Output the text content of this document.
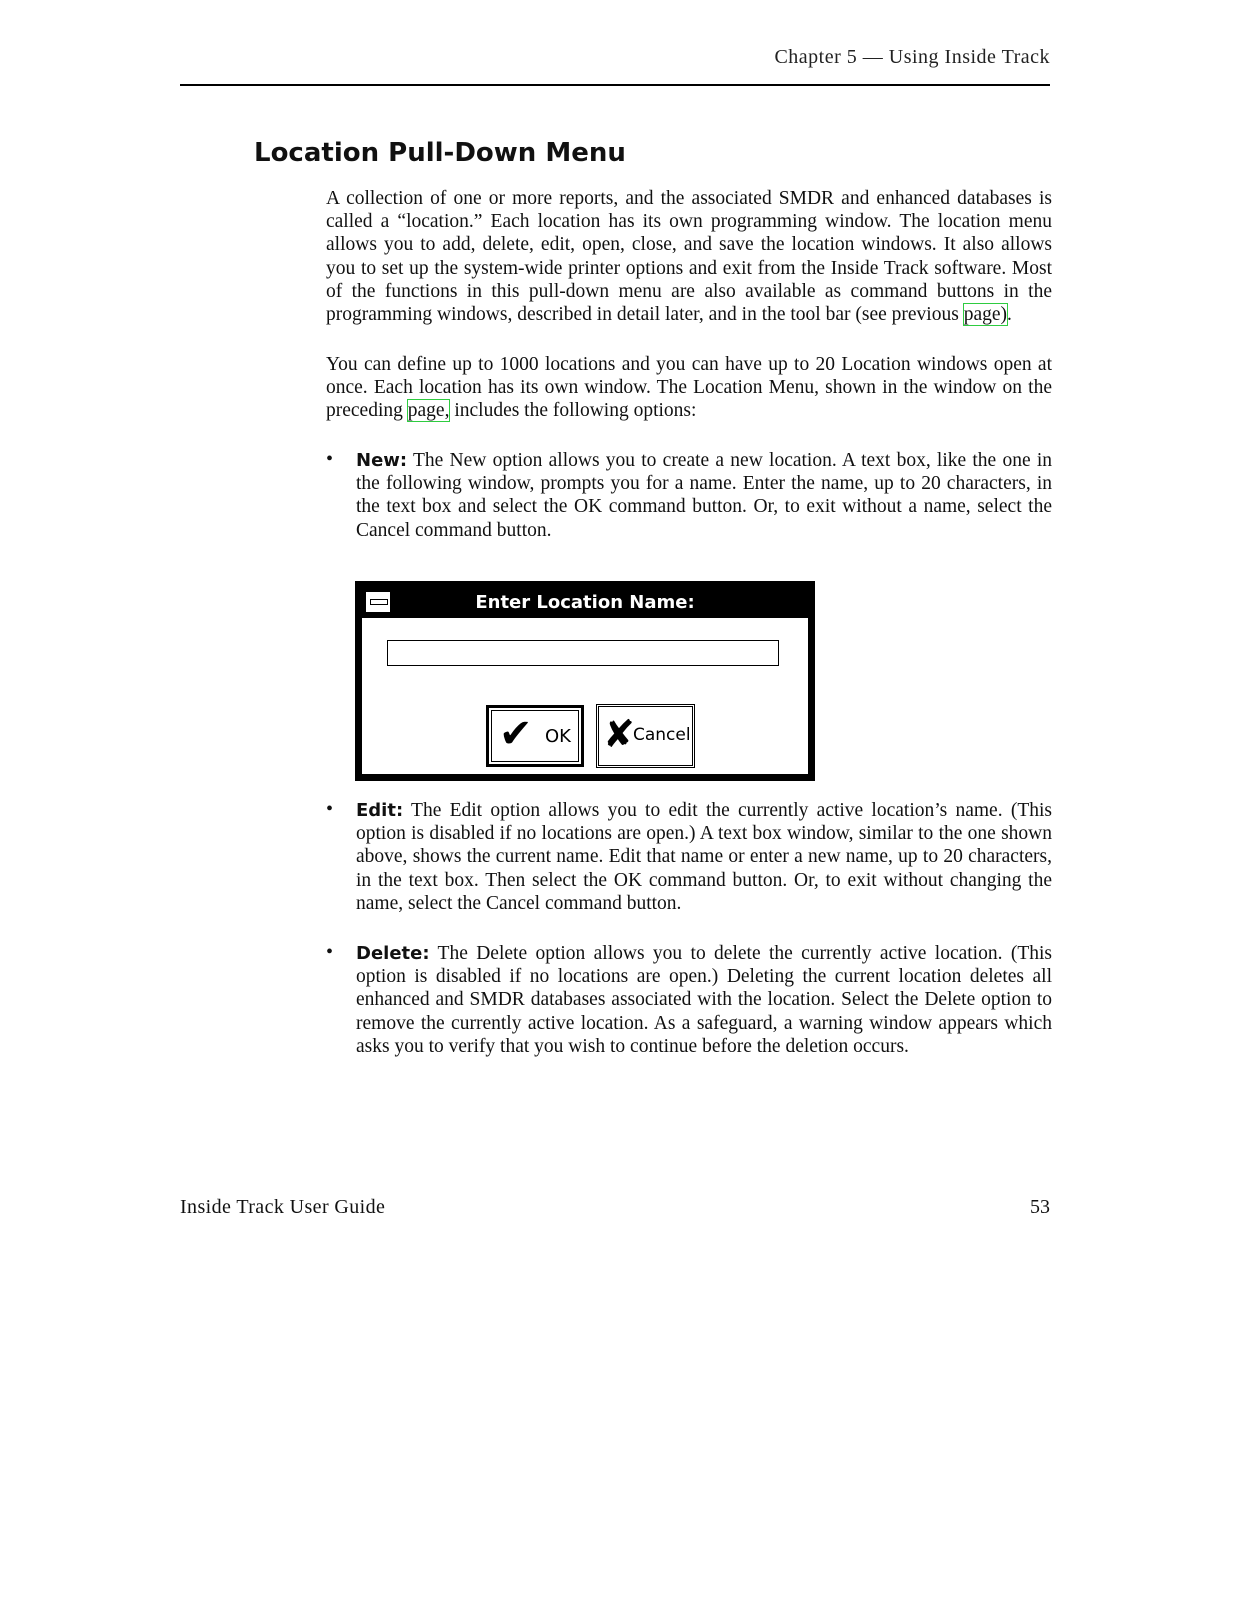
Chapter 5 — Using Inside Track
Location Pull-Down Menu

A collection of one or more reports, and the associated SMDR and enhanced databases is called a “location.” Each location has its own programming window. The location menu allows you to add, delete, edit, open, close, and save the location windows. It also allows you to set up the system-wide printer options and exit from the Inside Track software. Most of the functions in this pull-down menu are also available as command buttons in the programming windows, described in detail later, and in the tool bar (see previous page).

You can define up to 1000 locations and you can have up to 20 Location windows open at once. Each location has its own window. The Location Menu, shown in the window on the preceding page, includes the following options:

• New: The New option allows you to create a new location. A text box, like the one in the following window, prompts you for a name. Enter the name, up to 20 characters, in the text box and select the OK command button. Or, to exit without a name, select the Cancel command button.
Enter Location Name:
✔ OK ✘
Cancel
• Edit: The Edit option allows you to edit the currently active location’s name. (This option is disabled if no locations are open.) A text box window, similar to the one shown above, shows the current name. Edit that name or enter a new name, up to 20 characters, in the text box. Then select the OK command button. Or, to exit without changing the name, select the Cancel command button.
• Delete: The Delete option allows you to delete the currently active location. (This option is disabled if no locations are open.) Deleting the current location deletes all enhanced and SMDR databases associated with the location. Select the Delete option to remove the currently active location. As a safeguard, a warning window appears which asks you to verify that you wish to continue before the deletion occurs.
Inside Track User Guide	53
